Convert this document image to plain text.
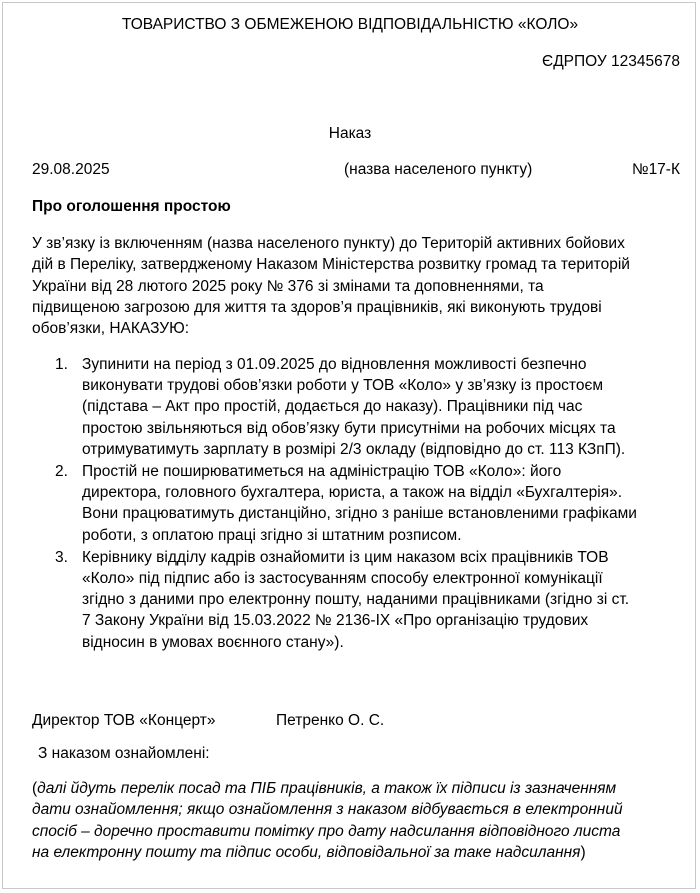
ТОВАРИСТВО З ОБМЕЖЕНОЮ ВІДПОВІДАЛЬНІСТЮ «КОЛО»
ЄДРПОУ 12345678
Наказ
29.08.2025	(назва населеного пункту)	№17-К
Про оголошення простою
У зв’язку із включенням (назва населеного пункту) до Територій активних бойових
дій в Переліку, затвердженому Наказом Міністерства розвитку громад та територій
України від 28 лютого 2025 року № 376 зі змінами та доповненнями, та
підвищеною загрозою для життя та здоров’я працівників, які виконують трудові
обов’язки, НАКАЗУЮ:
1. Зупинити на період з 01.09.2025 до відновлення можливості безпечно
виконувати трудові обов’язки роботи у ТОВ «Коло» у зв’язку із простоєм
(підстава – Акт про простій, додається до наказу). Працівники під час
простою звільняються від обов’язку бути присутніми на робочих місцях та
отримуватимуть зарплату в розмірі 2/3 окладу (відповідно до ст. 113 КЗпП).
2. Простій не поширюватиметься на адміністрацію ТОВ «Коло»: його
директора, головного бухгалтера, юриста, а також на відділ «Бухгалтерія».
Вони працюватимуть дистанційно, згідно з раніше встановленими графіками
роботи, з оплатою праці згідно зі штатним розписом.
3. Керівнику відділу кадрів ознайомити із цим наказом всіх працівників ТОВ
«Коло» під підпис або із застосуванням способу електронної комунікації
згідно з даними про електронну пошту, наданими працівниками (згідно зі ст.
7 Закону України від 15.03.2022 № 2136-IX «Про організацію трудових
відносин в умовах воєнного стану»).
Директор ТОВ «Концерт»	Петренко О. С.
З наказом ознайомлені:
(далі йдуть перелік посад та ПІБ працівників, а також їх підписи із зазначенням
дати ознайомлення; якщо ознайомлення з наказом відбувається в електронний
спосіб – доречно проставити помітку про дату надсилання відповідного листа
на електронну пошту та підпис особи, відповідальної за таке надсилання)
